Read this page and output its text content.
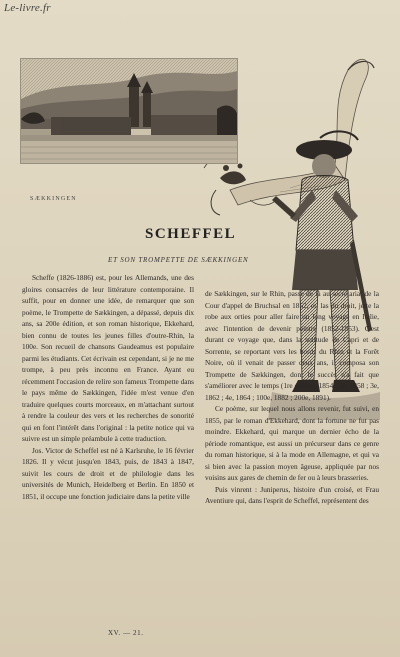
Le-livre.fr
SÆKKINGEN
SCHEFFEL
ET SON TROMPETTE DE SÆKKINGEN

Scheffe (1826-1886) est, pour les Allemands, une des gloires consacrées de leur littérature contemporaine. Il suffit, pour en donner une idée, de remarquer que son poème, le Trompette de Sækkingen, a dépassé, depuis dix ans, sa 200e édition, et son roman historique, Ekkehard, bien connu de toutes les jeunes filles d'outre-Rhin, la 100e. Son recueil de chansons Gaudeamus est populaire parmi les étudiants. Cet écrivain est cependant, si je ne me trompe, à peu près inconnu en France. Ayant eu récemment l'occasion de relire son fameux Trompette dans le pays même de Sækkingen, l'idée m'est venue d'en traduire quelques courts morceaux, en m'attachant surtout à rendre la couleur des vers et les recherches de sonorité qui en font l'intérêt dans l'original : la petite notice qui va suivre est un simple préambule à cette traduction.

Jos. Victor de Scheffel est né à Karlsruhe, le 16 février 1826. Il y vécut jusqu'en 1843, puis, de 1843 à 1847, suivit les cours de droit et de philologie dans les universités de Munich, Heidelberg et Berlin. En 1850 et 1851, il occupe une fonction judiciaire dans la petite ville

de Sækkingen, sur le Rhin, passe de là au secrétariat de la Cour d'appel de Bruchsal en 1852, et, las du droit, jette la robe aux orties pour aller faire un long voyage en Italie, avec l'intention de devenir peintre (1852-1853). C'est durant ce voyage que, dans la solitude de Capri et de Sorrente, se reportant vers les bords du Rhin et la Forêt Noire, où il venait de passer deux ans, il composa son Trompette de Sækkingen, dont le succès n'a fait que s'améliorer avec le temps (1re édition, 1854 ; 2e, 1858 ; 3e, 1862 ; 4e, 1864 ; 100e, 1882 ; 200e, 1891).

Ce poème, sur lequel nous allons revenir, fut suivi, en 1855, par le roman d'Ekkehard, dont la fortune ne fut pas moindre. Ekkehard, qui marque un dernier écho de la période romantique, est aussi un précurseur dans ce genre du roman historique, si à la mode en Allemagne, et qui va si bien avec la passion moyen âgeuse, appliquée par nos voisins aux gares de chemin de fer ou à leurs brasseries.

Puis vinrent : Juniperus, histoire d'un croisé, et Frau Aventiure qui, dans l'esprit de Scheffel, représentent des

XV. — 21.
